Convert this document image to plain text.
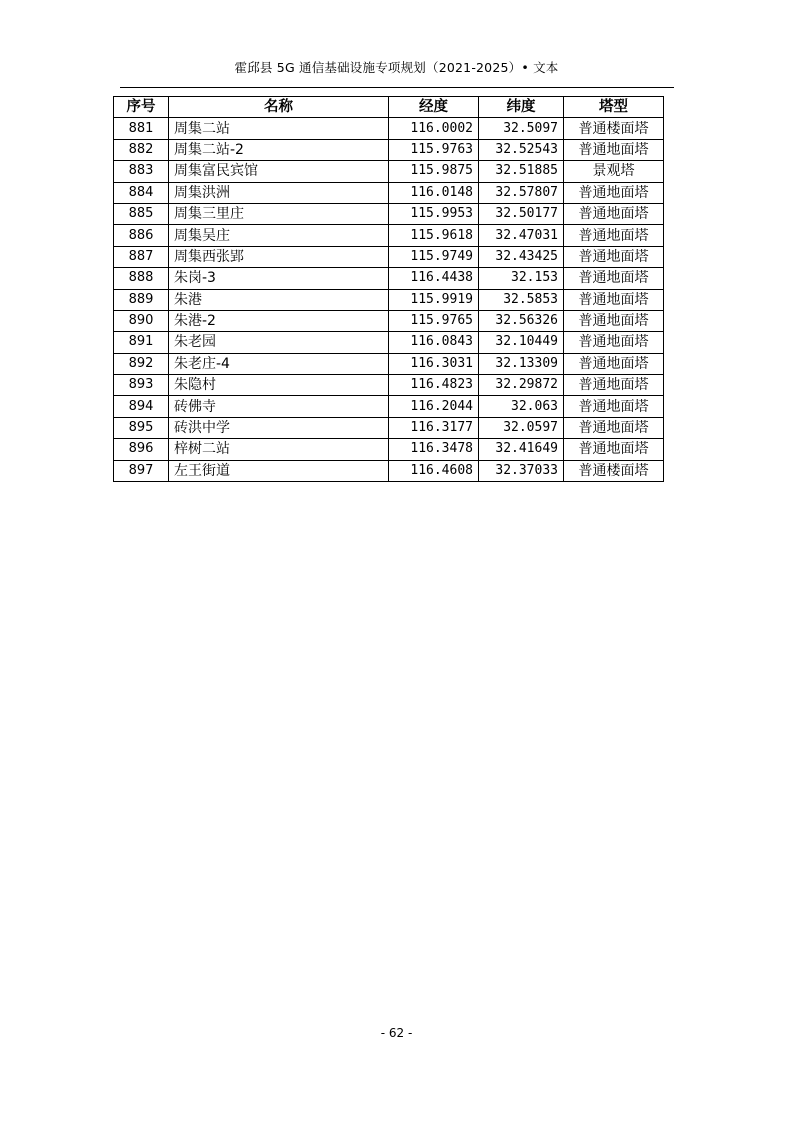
霍邱县 5G 通信基础设施专项规划（2021-2025）• 文本
序号	名称	经度	纬度	塔型
881	周集二站	116.0002	32.5097	普通楼面塔
882	周集二站-2	115.9763	32.52543	普通地面塔
883	周集富民宾馆	115.9875	32.51885	景观塔
884	周集洪洲	116.0148	32.57807	普通地面塔
885	周集三里庄	115.9953	32.50177	普通地面塔
886	周集吴庄	115.9618	32.47031	普通地面塔
887	周集西张郢	115.9749	32.43425	普通地面塔
888	朱岗-3	116.4438	32.153	普通地面塔
889	朱港	115.9919	32.5853	普通地面塔
890	朱港-2	115.9765	32.56326	普通地面塔
891	朱老园	116.0843	32.10449	普通地面塔
892	朱老庄-4	116.3031	32.13309	普通地面塔
893	朱隐村	116.4823	32.29872	普通地面塔
894	砖佛寺	116.2044	32.063	普通地面塔
895	砖洪中学	116.3177	32.0597	普通地面塔
896	梓树二站	116.3478	32.41649	普通地面塔
897	左王街道	116.4608	32.37033	普通楼面塔
- 62 -
